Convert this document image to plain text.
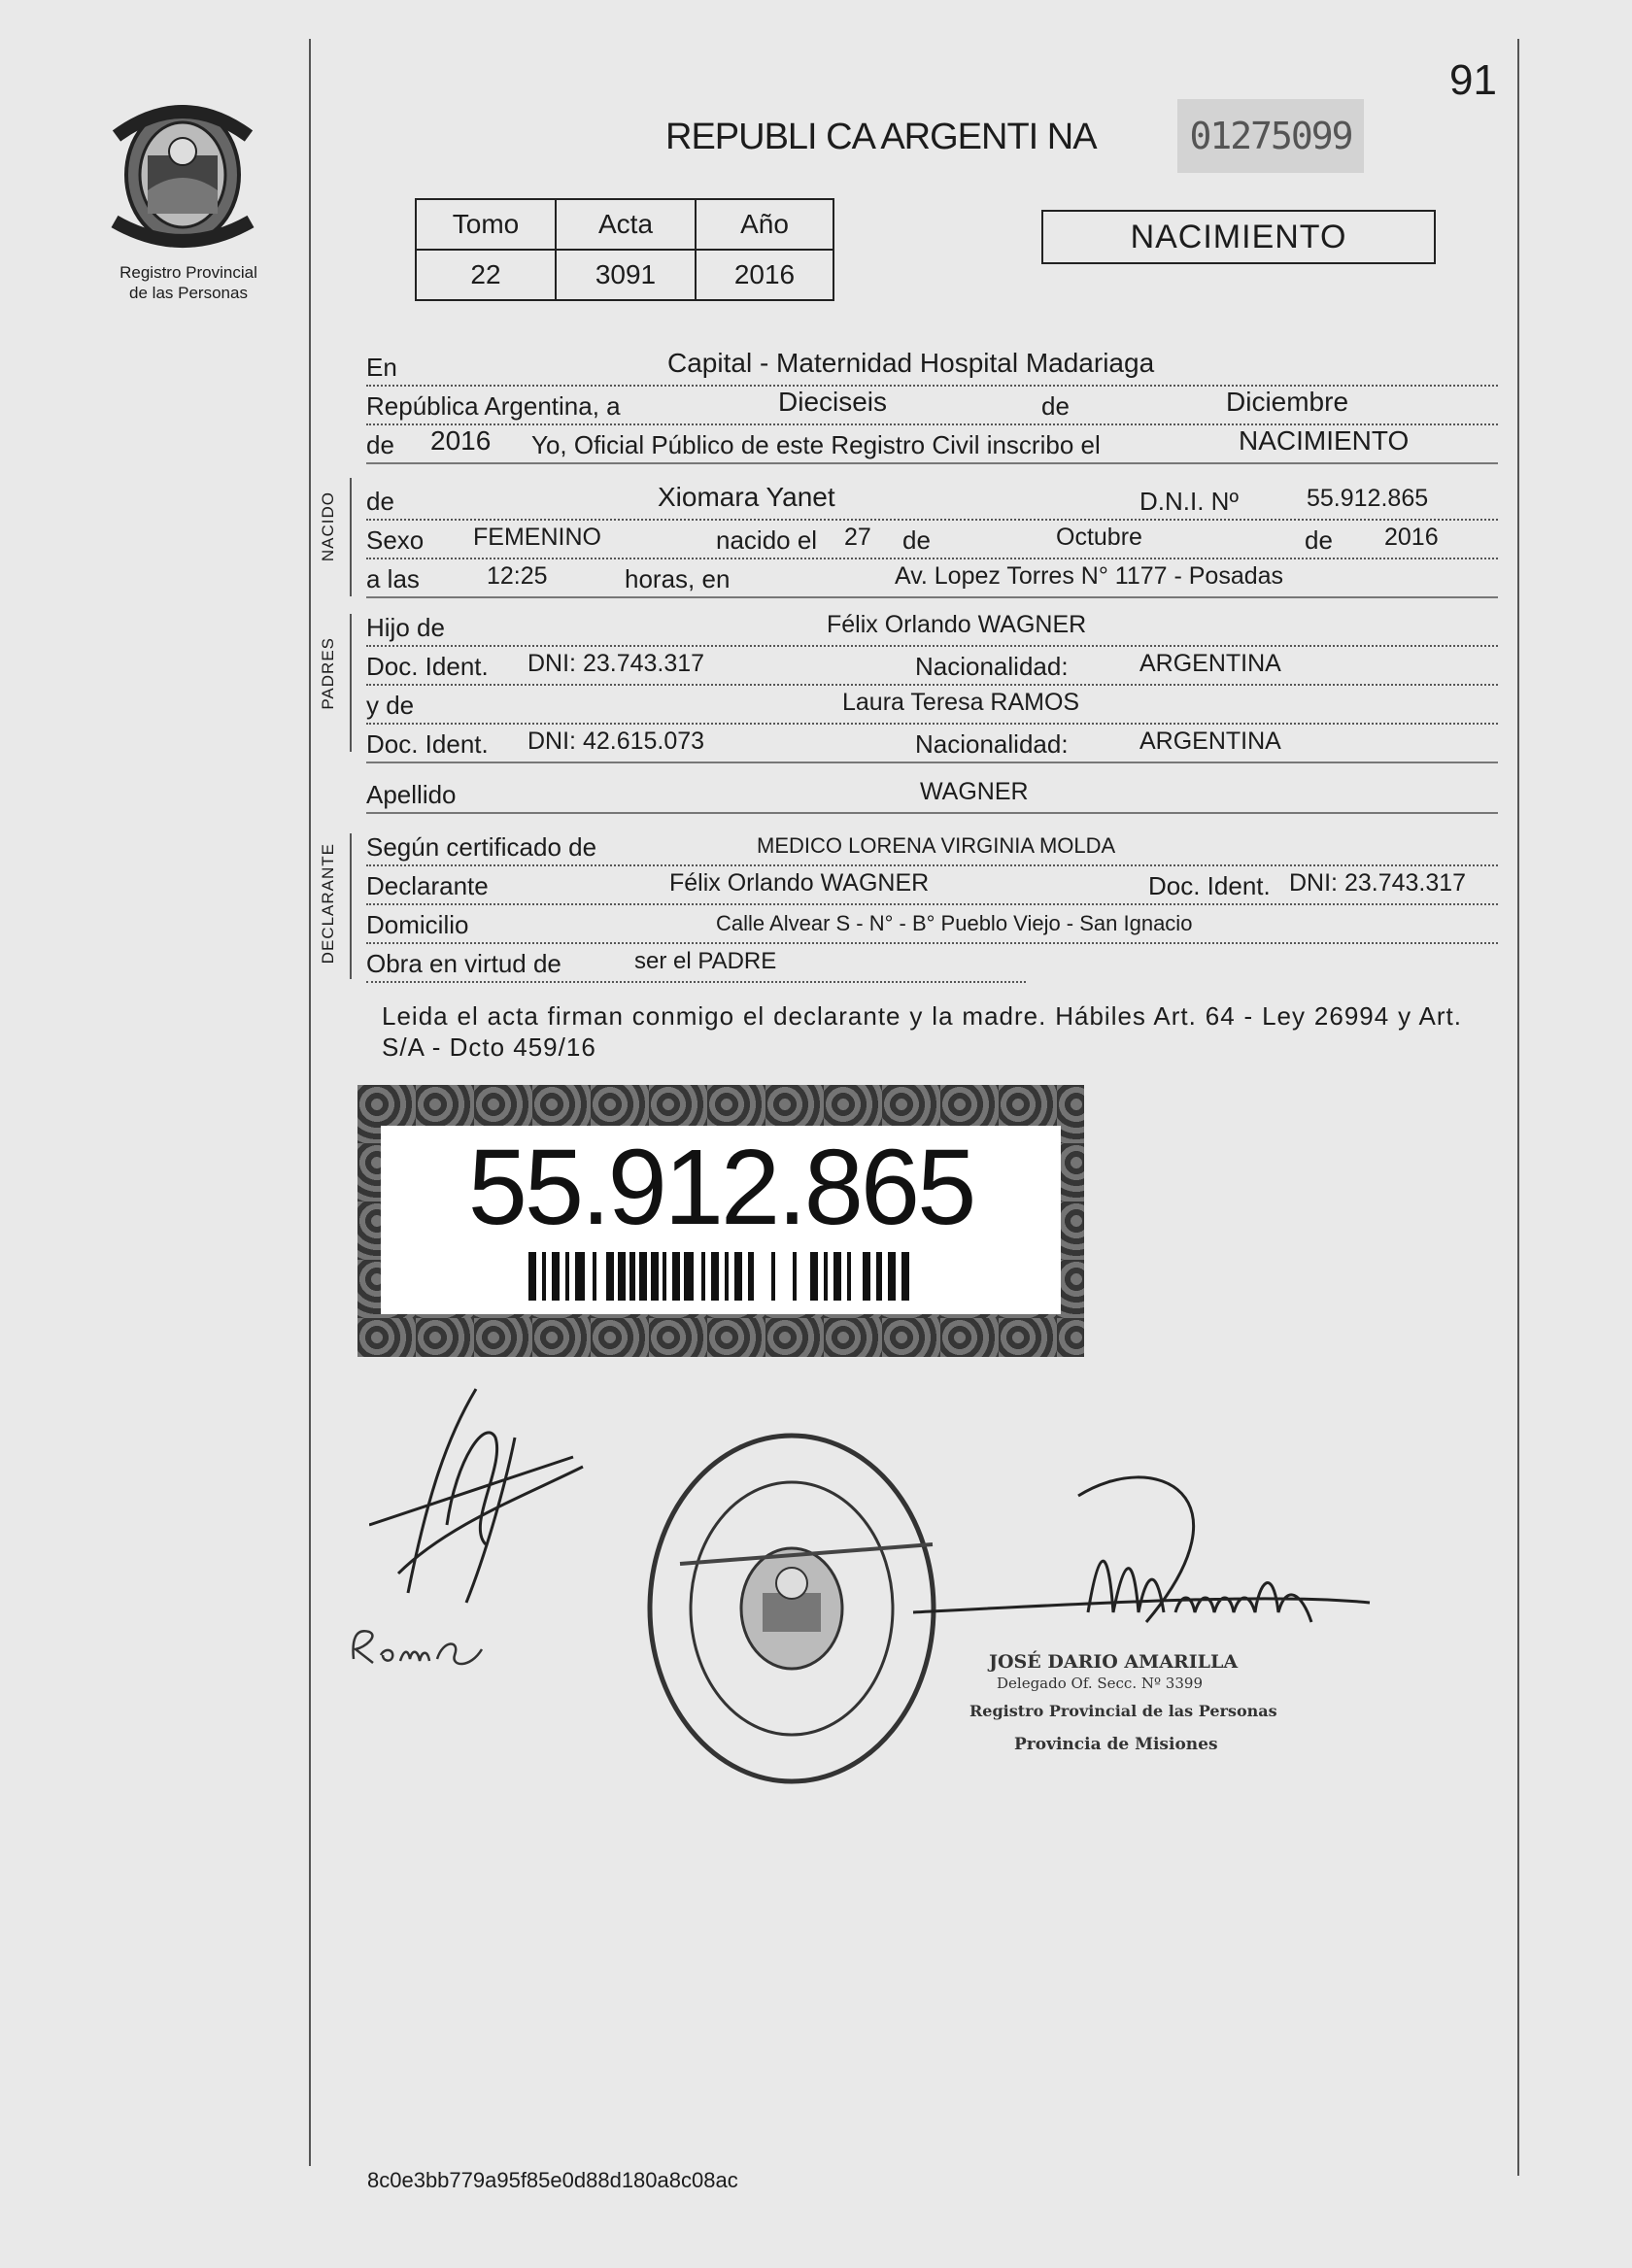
91
Registro Provincial
de las Personas
REPUBLI CA ARGENTI NA	01275099
Tomo	Acta	Año
22	3091	2016
NACIMIENTO
En	Capital - Maternidad Hospital Madariaga
República Argentina, a	Dieciseis	de	Diciembre
de 2016 Yo, Oficial Público de este Registro Civil inscribo el	NACIMIENTO
NACIDO de	Xiomara Yanet	D.N.I. Nº	55.912.865
Sexo FEMENINO	nacido el 27 de	Octubre	de 2016
a las	12:25	horas, en	Av. Lopez Torres N° 1177 - Posadas
PADRES
Hijo de	Félix Orlando WAGNER
Doc. Ident. DNI: 23.743.317	Nacionalidad:	ARGENTINA
y de	Laura Teresa RAMOS
Doc. Ident. DNI: 42.615.073	Nacionalidad:	ARGENTINA
Apellido	WAGNER
DECLARANTE Según certificado de	MEDICO LORENA VIRGINIA MOLDA
Declarante	Félix Orlando WAGNER	Doc. Ident. DNI: 23.743.317
Domicilio	Calle Alvear S - N° - B° Pueblo Viejo - San Ignacio
Obra en virtud de	ser el PADRE
Leida el acta firman conmigo el declarante y la madre. Hábiles Art. 64 - Ley 26994 y Art. S/A - Dcto 459/16
55.912.865
JOSÉ DARIO AMARILLA
Delegado Of. Secc. Nº 3399
Registro Provincial de las Personas
Provincia de Misiones
8c0e3bb779a95f85e0d88d180a8c08ac
